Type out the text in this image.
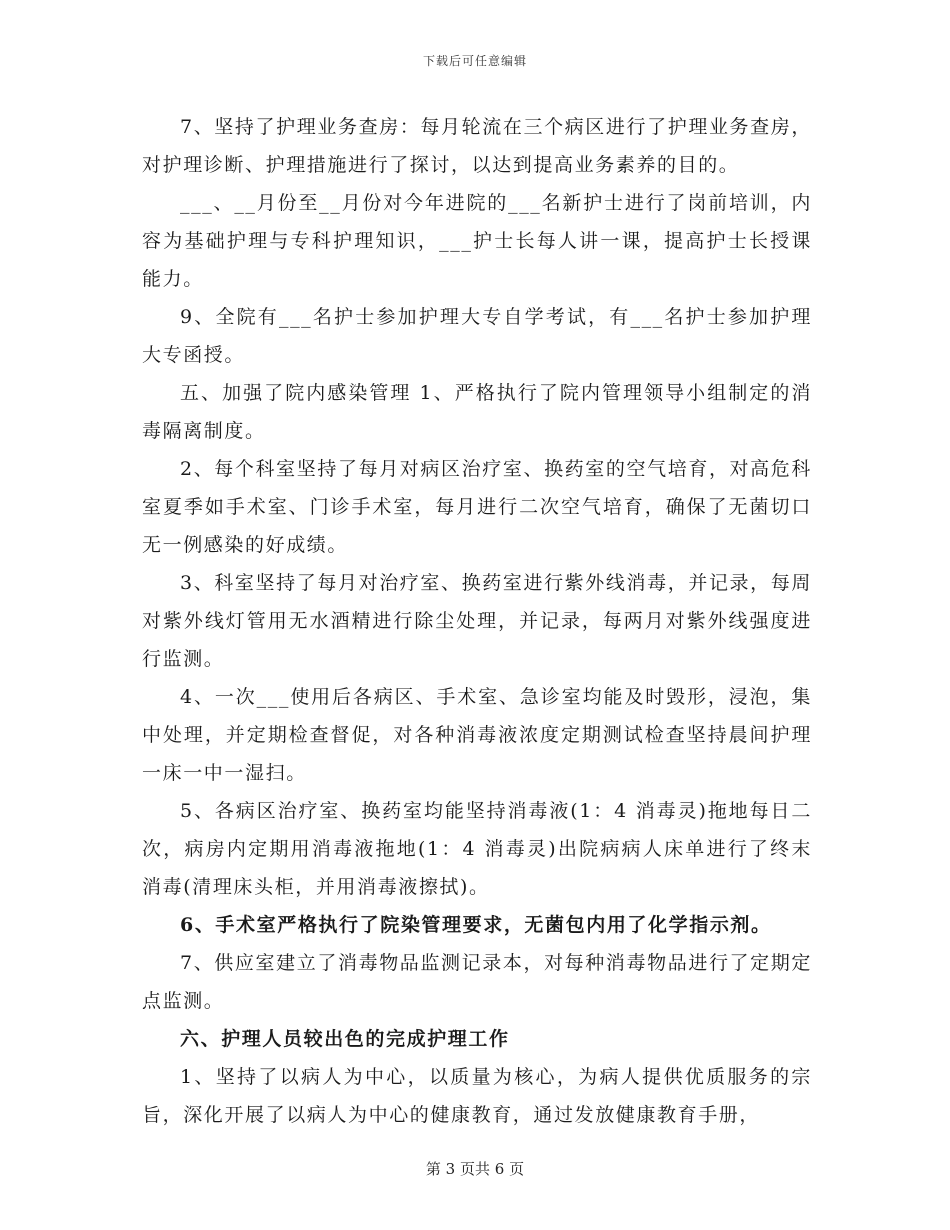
下载后可任意编辑

7、坚持了护理业务查房：每月轮流在三个病区进行了护理业务查房，对护理诊断、护理措施进行了探讨，以达到提高业务素养的目的。

___、__月份至__月份对今年进院的___名新护士进行了岗前培训，内容为基础护理与专科护理知识，___护士长每人讲一课，提高护士长授课能力。

9、全院有___名护士参加护理大专自学考试，有___名护士参加护理大专函授。

五、加强了院内感染管理 1、严格执行了院内管理领导小组制定的消毒隔离制度。

2、每个科室坚持了每月对病区治疗室、换药室的空气培育，对高危科室夏季如手术室、门诊手术室，每月进行二次空气培育，确保了无菌切口无一例感染的好成绩。

3、科室坚持了每月对治疗室、换药室进行紫外线消毒，并记录，每周对紫外线灯管用无水酒精进行除尘处理，并记录，每两月对紫外线强度进行监测。

4、一次___使用后各病区、手术室、急诊室均能及时毁形，浸泡，集中处理，并定期检查督促，对各种消毒液浓度定期测试检查坚持晨间护理一床一中一湿扫。

5、各病区治疗室、换药室均能坚持消毒液(1：4 消毒灵)拖地每日二次，病房内定期用消毒液拖地(1：4 消毒灵)出院病病人床单进行了终末消毒(清理床头柜，并用消毒液擦拭)。

6、手术室严格执行了院染管理要求，无菌包内用了化学指示剂。

7、供应室建立了消毒物品监测记录本，对每种消毒物品进行了定期定点监测。

六、护理人员较出色的完成护理工作

1、坚持了以病人为中心，以质量为核心，为病人提供优质服务的宗旨，深化开展了以病人为中心的健康教育，通过发放健康教育手册，

第 3 页共 6 页
